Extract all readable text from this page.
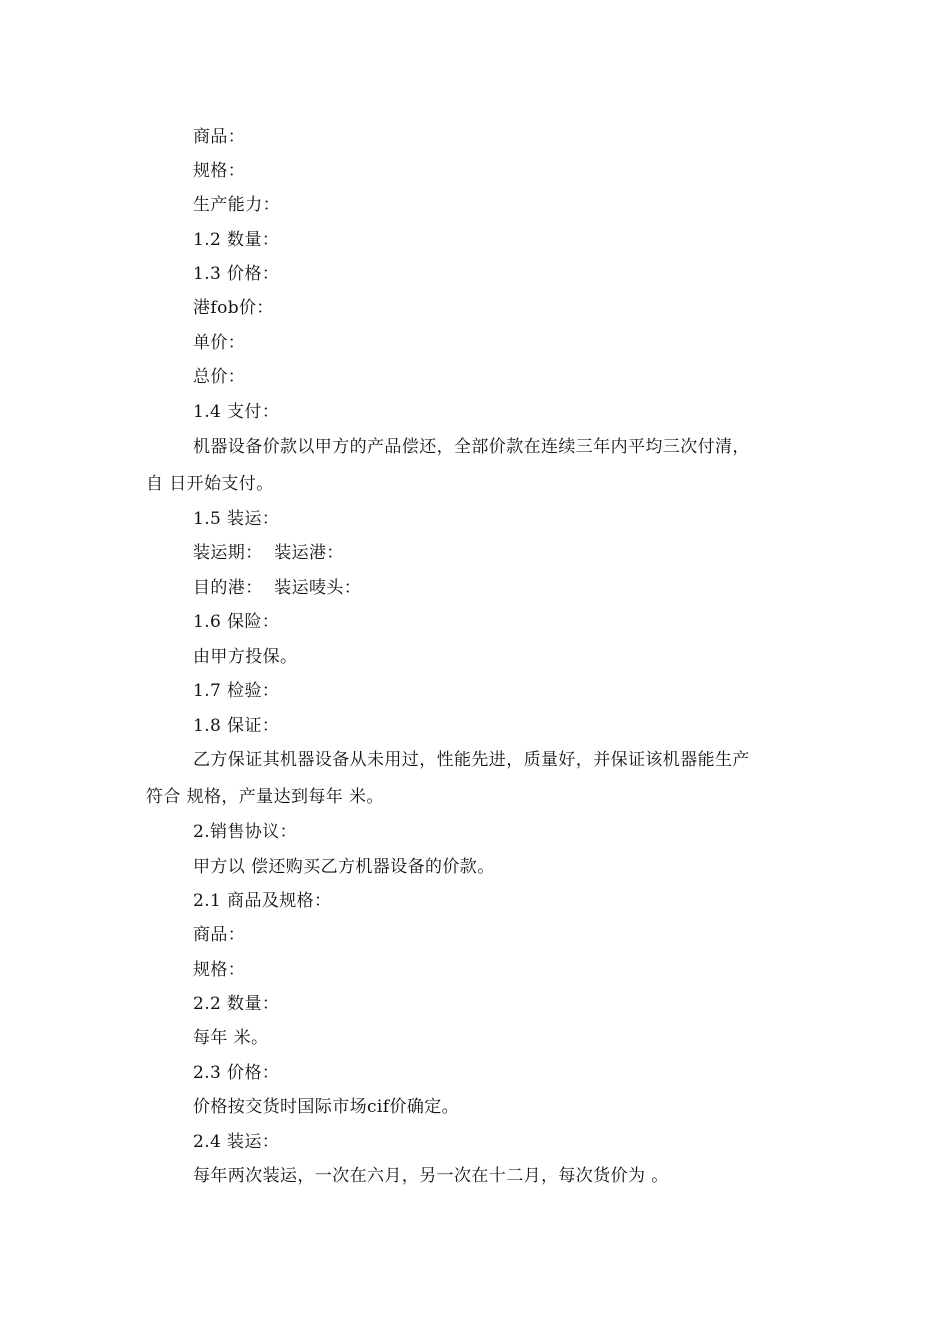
商品：
规格：
生产能力：
1.2 数量：
1.3 价格：
港fob价：
单价：
总价：
1.4 支付：
机器设备价款以甲方的产品偿还，全部价款在连续三年内平均三次付清，
自 日开始支付。
1.5 装运：
装运期：  装运港：
目的港：  装运唛头：
1.6 保险：
由甲方投保。
1.7 检验：
1.8 保证：
乙方保证其机器设备从未用过，性能先进，质量好，并保证该机器能生产
符合 规格，产量达到每年 米。
2.销售协议：
甲方以 偿还购买乙方机器设备的价款。
2.1 商品及规格：
商品：
规格：
2.2 数量：
每年 米。
2.3 价格：
价格按交货时国际市场cif价确定。
2.4 装运：
每年两次装运，一次在六月，另一次在十二月，每次货价为 。
